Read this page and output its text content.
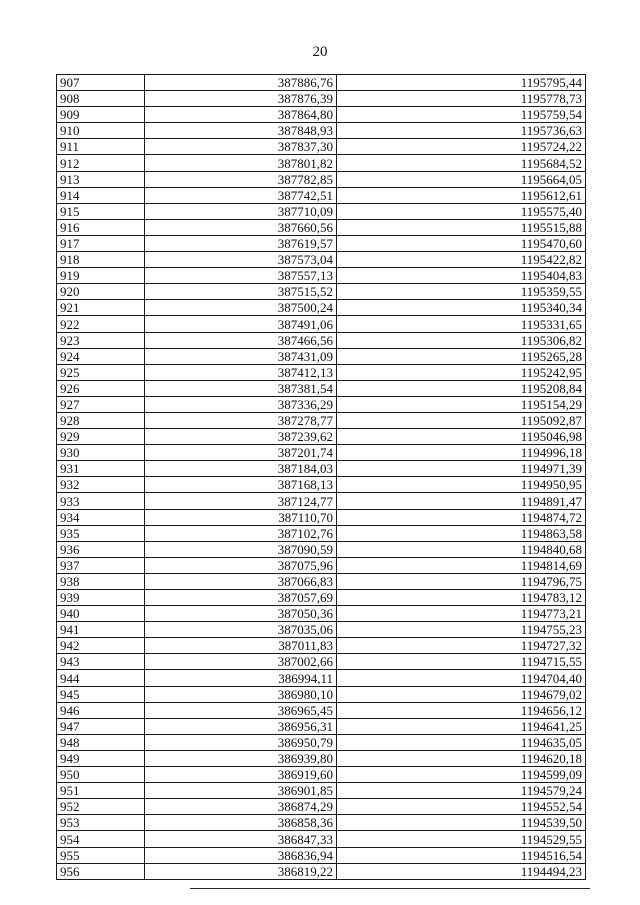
20
907	387886,76	1195795,44
908	387876,39	1195778,73
909	387864,80	1195759,54
910	387848,93	1195736,63
911	387837,30	1195724,22
912	387801,82	1195684,52
913	387782,85	1195664,05
914	387742,51	1195612,61
915	387710,09	1195575,40
916	387660,56	1195515,88
917	387619,57	1195470,60
918	387573,04	1195422,82
919	387557,13	1195404,83
920	387515,52	1195359,55
921	387500,24	1195340,34
922	387491,06	1195331,65
923	387466,56	1195306,82
924	387431,09	1195265,28
925	387412,13	1195242,95
926	387381,54	1195208,84
927	387336,29	1195154,29
928	387278,77	1195092,87
929	387239,62	1195046,98
930	387201,74	1194996,18
931	387184,03	1194971,39
932	387168,13	1194950,95
933	387124,77	1194891,47
934	387110,70	1194874,72
935	387102,76	1194863,58
936	387090,59	1194840,68
937	387075,96	1194814,69
938	387066,83	1194796,75
939	387057,69	1194783,12
940	387050,36	1194773,21
941	387035,06	1194755,23
942	387011,83	1194727,32
943	387002,66	1194715,55
944	386994,11	1194704,40
945	386980,10	1194679,02
946	386965,45	1194656,12
947	386956,31	1194641,25
948	386950,79	1194635,05
949	386939,80	1194620,18
950	386919,60	1194599,09
951	386901,85	1194579,24
952	386874,29	1194552,54
953	386858,36	1194539,50
954	386847,33	1194529,55
955	386836,94	1194516,54
956	386819,22	1194494,23
